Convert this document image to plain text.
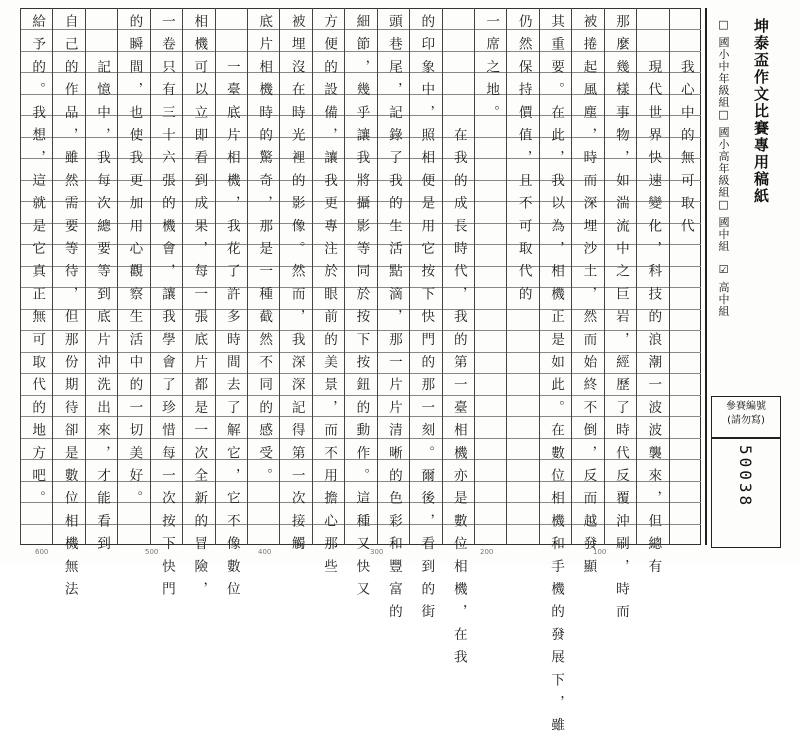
　　我心中的無可取代
　　現代世界快速變化，科技的浪潮一波波襲來，但總有
那麼幾樣事物，如湍流中之巨岩，經歷了時代反覆沖刷，時而
被捲起風塵，時而深埋沙土，然而始終不倒，反而越發顯
其重要。在此，我以為，相機正是如此。在數位相機和手機的發展下，雖
仍然保持價值，且不可取代的
一席之地。
　　　　　在我的成長時代，我的第一臺相機亦是數位相機，在我
的印象中，照相便是用它按下快門的那一刻。爾後，看到的街
頭巷尾，記錄了我的生活點滴，那一片片清晰的色彩和豐富的
細節，幾乎讓我將攝影等同於按下按鈕的動作。這種又快又
方便的設備，讓我更專注於眼前的美景，而不用擔心那些
被埋沒在時光裡的影像。然而，我深深記得第一次接觸
底片相機時的驚奇，那是一種截然不同的感受。
　　一臺底片相機，我花了許多時間去了解它，它不像數位
相機可以立即看到成果，每一張底片都是一次全新的冒險，
一卷只有三十六張的機會，讓我學會了珍惜每一次按下快門
的瞬間，也使我更加用心觀察生活中的一切美好。
　　記憶中，我每次總要等到底片沖洗出來，才能看到
自己的作品，雖然需要等待，但那份期待卻是數位相機無法
給予的。我想，這就是它真正無可取代的地方吧。	坤泰盃作文比賽專用稿紙
□ 國小中年級組
□ 國小高年級組
□ 國中組
☑ 高中組
參賽編號
(請勿寫)
50038
600	500	400	300	200	100
